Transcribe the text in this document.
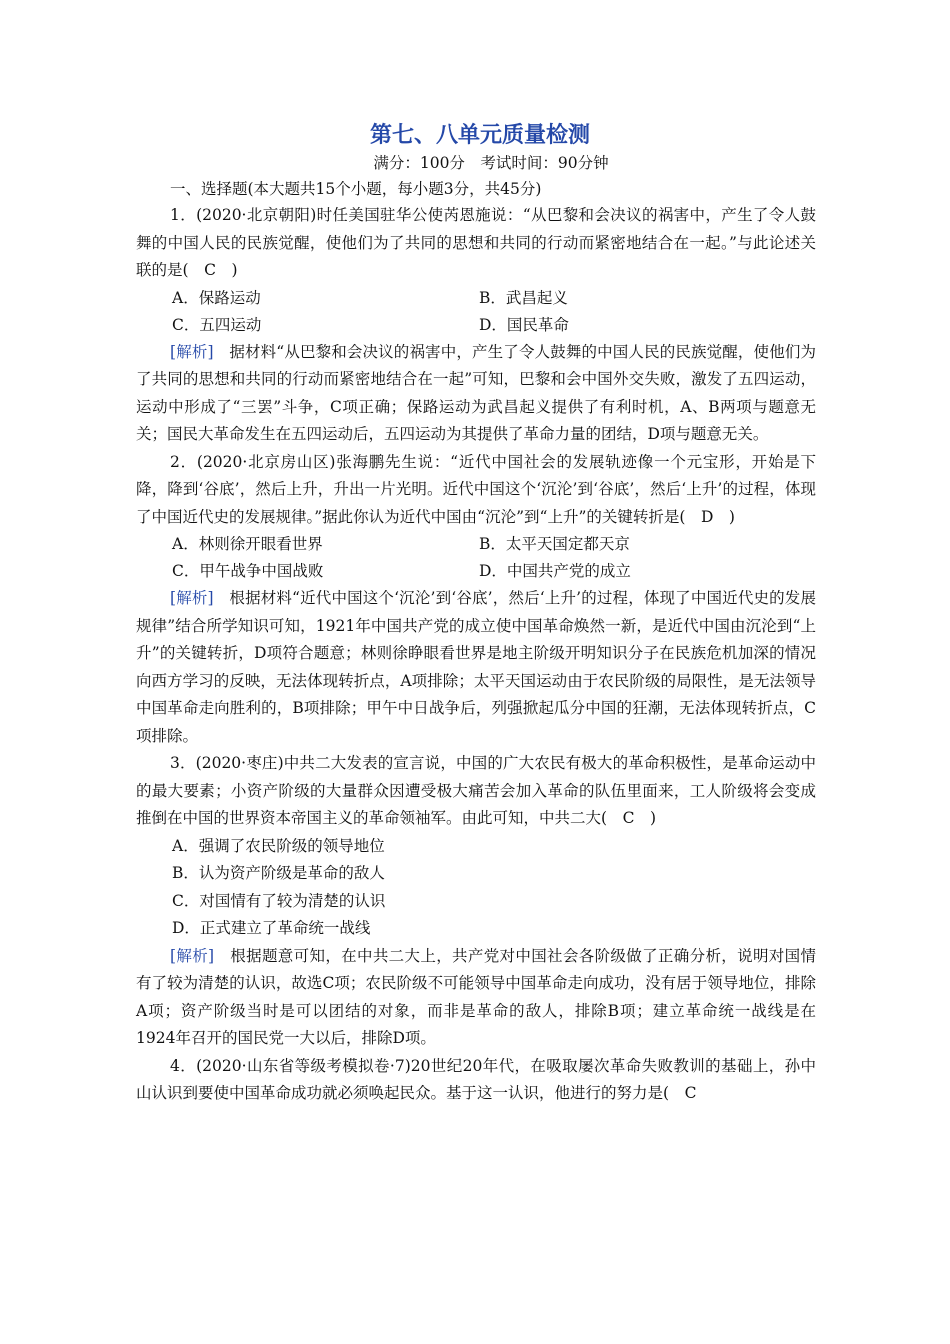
第七、八单元质量检测
满分：100分　考试时间：90分钟
一、选择题(本大题共15个小题，每小题3分，共45分)

1．(2020·北京朝阳)时任美国驻华公使芮恩施说：“从巴黎和会决议的祸害中，产生了令人鼓舞的中国人民的民族觉醒，使他们为了共同的思想和共同的行动而紧密地结合在一起。”与此论述关联的是(　 C　 )

A．保路运动	B．武昌起义
C．五四运动	D．国民革命

[解析]　 据材料“从巴黎和会决议的祸害中，产生了令人鼓舞的中国人民的民族觉醒，使他们为了共同的思想和共同的行动而紧密地结合在一起”可知，巴黎和会中国外交失败，激发了五四运动，运动中形成了“三罢”斗争，C项正确；保路运动为武昌起义提供了有利时机，A、B两项与题意无关；国民大革命发生在五四运动后，五四运动为其提供了革命力量的团结，D项与题意无关。

2．(2020·北京房山区)张海鹏先生说：“近代中国社会的发展轨迹像一个元宝形，开始是下降，降到‘谷底’，然后上升，升出一片光明。近代中国这个‘沉沦’到‘谷底’，然后‘上升’的过程，体现了中国近代史的发展规律。”据此你认为近代中国由“沉沦”到“上升”的关键转折是(　 D　 )

A．林则徐开眼看世界	B．太平天国定都天京
C．甲午战争中国战败	D．中国共产党的成立

[解析]　 根据材料“近代中国这个‘沉沦’到‘谷底’，然后‘上升’的过程，体现了中国近代史的发展规律”结合所学知识可知，1921年中国共产党的成立使中国革命焕然一新，是近代中国由沉沦到“上升”的关键转折，D项符合题意；林则徐睁眼看世界是地主阶级开明知识分子在民族危机加深的情况向西方学习的反映，无法体现转折点，A项排除；太平天国运动由于农民阶级的局限性，是无法领导中国革命走向胜利的，B项排除；甲午中日战争后，列强掀起瓜分中国的狂潮，无法体现转折点，C项排除。

3．(2020·枣庄)中共二大发表的宣言说，中国的广大农民有极大的革命积极性，是革命运动中的最大要素；小资产阶级的大量群众因遭受极大痛苦会加入革命的队伍里面来，工人阶级将会变成推倒在中国的世界资本帝国主义的革命领袖军。由此可知，中共二大(　 C　 )

A．强调了农民阶级的领导地位
B．认为资产阶级是革命的敌人
C．对国情有了较为清楚的认识
D．正式建立了革命统一战线

[解析]　 根据题意可知，在中共二大上，共产党对中国社会各阶级做了正确分析，说明对国情有了较为清楚的认识，故选C项；农民阶级不可能领导中国革命走向成功，没有居于领导地位，排除A项；资产阶级当时是可以团结的对象，而非是革命的敌人，排除B项；建立革命统一战线是在1924年召开的国民党一大以后，排除D项。

4．(2020·山东省等级考模拟卷·7)20世纪20年代，在吸取屡次革命失败教训的基础上，孙中山认识到要使中国革命成功就必须唤起民众。基于这一认识，他进行的努力是(　 C
